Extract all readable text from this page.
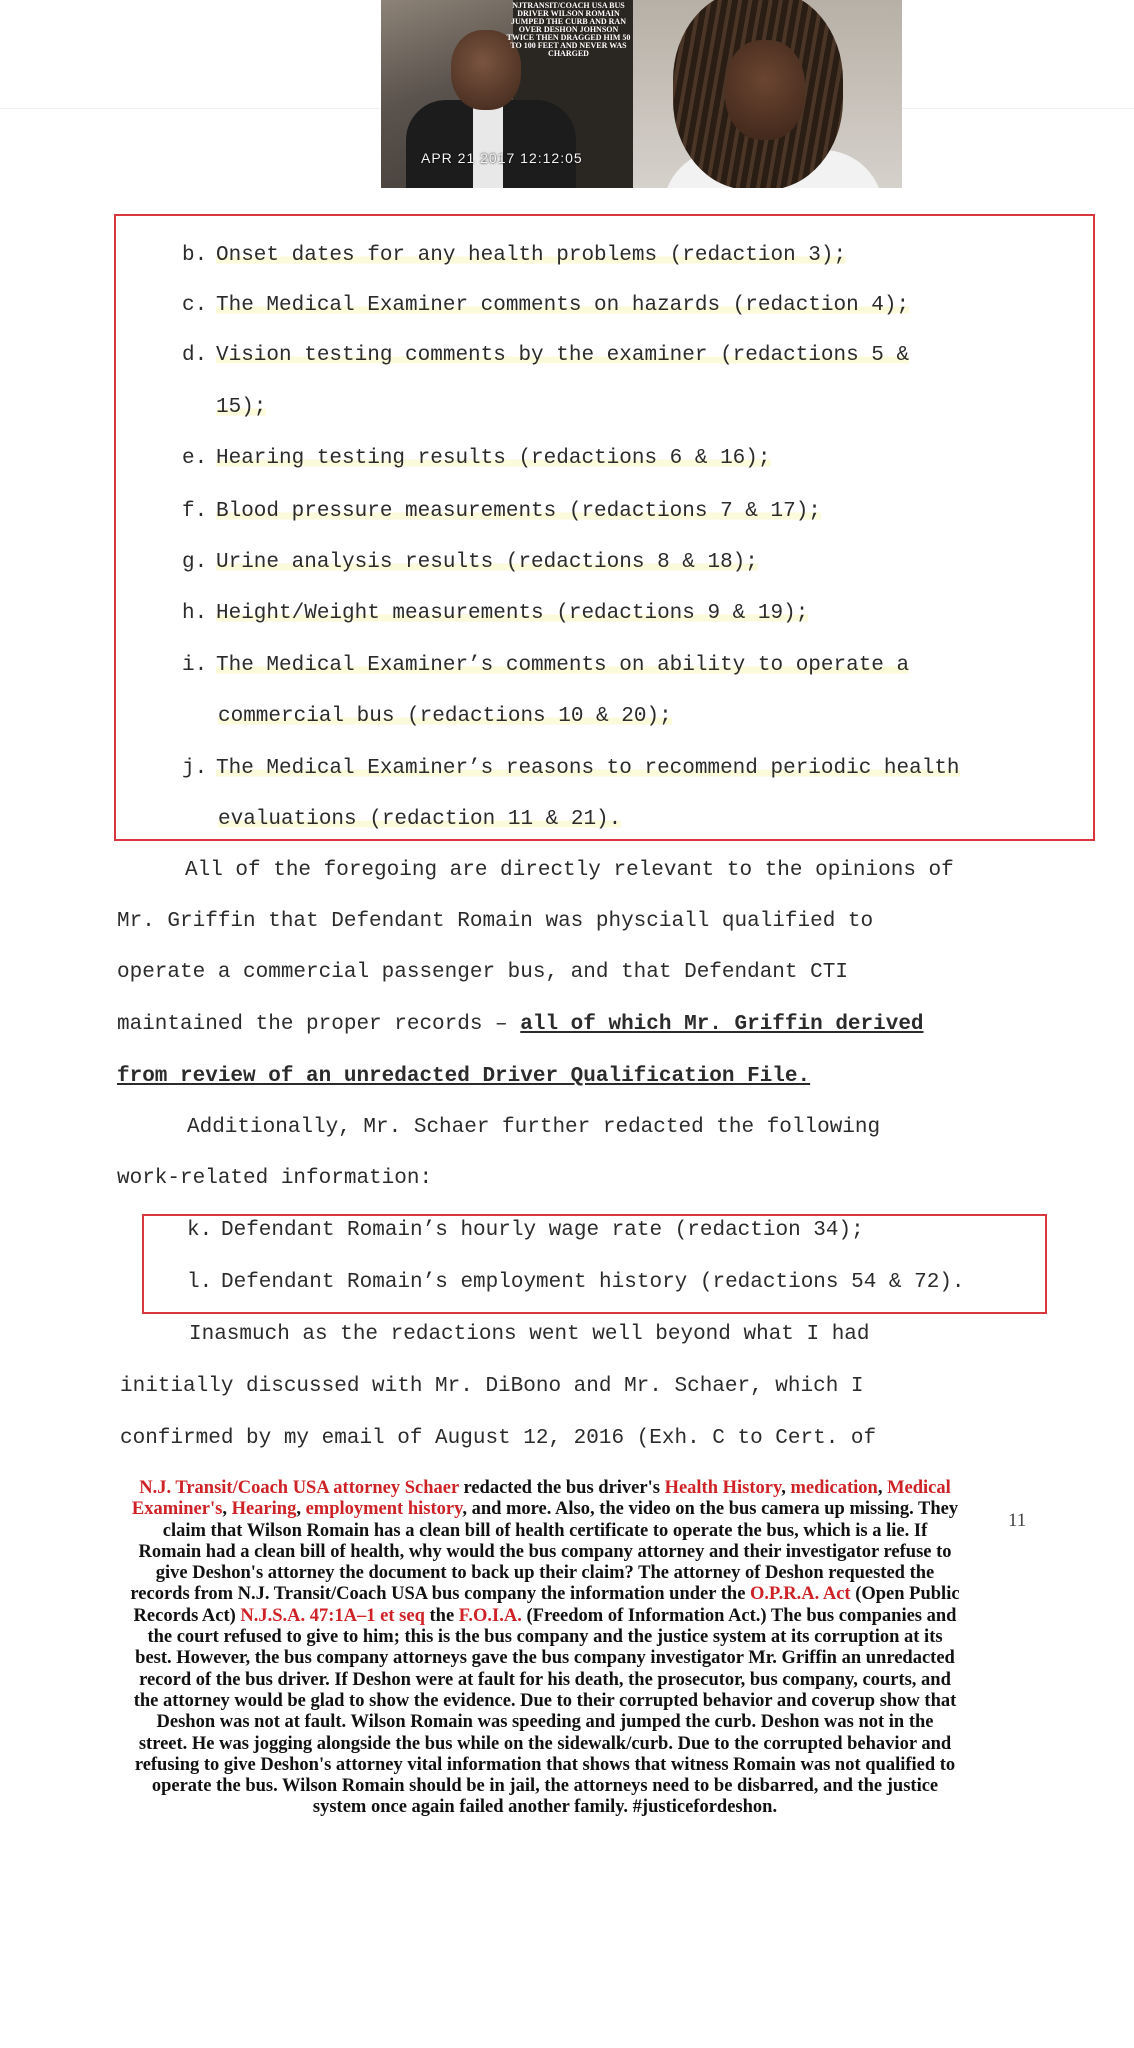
NJTRANSIT/COACH USA BUS DRIVER WILSON ROMAIN JUMPED THE CURB AND RAN OVER DESHON JOHNSON TWICE THEN DRAGGED HIM 50 TO 100 FEET AND NEVER WAS CHARGED
APR 21 2017 12:12:05
b. Onset dates for any health problems (redaction 3);
c. The Medical Examiner comments on hazards (redaction 4);
d. Vision testing comments by the examiner (redactions 5 &
15);
e. Hearing testing results (redactions 6 & 16);
f. Blood pressure measurements (redactions 7 & 17);
g. Urine analysis results (redactions 8 & 18);
h. Height/Weight measurements (redactions 9 & 19);
i. The Medical Examiner’s comments on ability to operate a
commercial bus (redactions 10 & 20);
j. The Medical Examiner’s reasons to recommend periodic health
evaluations (redaction 11 & 21).
All of the foregoing are directly relevant to the opinions of
Mr. Griffin that Defendant Romain was physciall qualified to
operate a commercial passenger bus, and that Defendant CTI
maintained the proper records – all of which Mr. Griffin derived
from review of an unredacted Driver Qualification File.
Additionally, Mr. Schaer further redacted the following
work-related information:
k. Defendant Romain’s hourly wage rate (redaction 34);
l. Defendant Romain’s employment history (redactions 54 & 72).
Inasmuch as the redactions went well beyond what I had
initially discussed with Mr. DiBono and Mr. Schaer, which I
confirmed by my email of August 12, 2016 (Exh. C to Cert. of
11
N.J. Transit/Coach USA attorney Schaer redacted the bus driver's Health History, medication, Medical Examiner's, Hearing, employment history, and more. Also, the video on the bus camera up missing. They claim that Wilson Romain has a clean bill of health certificate to operate the bus, which is a lie. If Romain had a clean bill of health, why would the bus company attorney and their investigator refuse to give Deshon's attorney the document to back up their claim? The attorney of Deshon requested the records from N.J. Transit/Coach USA bus company the information under the O.P.R.A. Act (Open Public Records Act) N.J.S.A. 47:1A–1 et seq the F.O.I.A. (Freedom of Information Act.) The bus companies and the court refused to give to him; this is the bus company and the justice system at its corruption at its best. However, the bus company attorneys gave the bus company investigator Mr. Griffin an unredacted record of the bus driver. If Deshon were at fault for his death, the prosecutor, bus company, courts, and the attorney would be glad to show the evidence. Due to their corrupted behavior and coverup show that Deshon was not at fault. Wilson Romain was speeding and jumped the curb. Deshon was not in the street. He was jogging alongside the bus while on the sidewalk/curb. Due to the corrupted behavior and refusing to give Deshon's attorney vital information that shows that witness Romain was not qualified to operate the bus. Wilson Romain should be in jail, the attorneys need to be disbarred, and the justice system once again failed another family. #justicefordeshon.
